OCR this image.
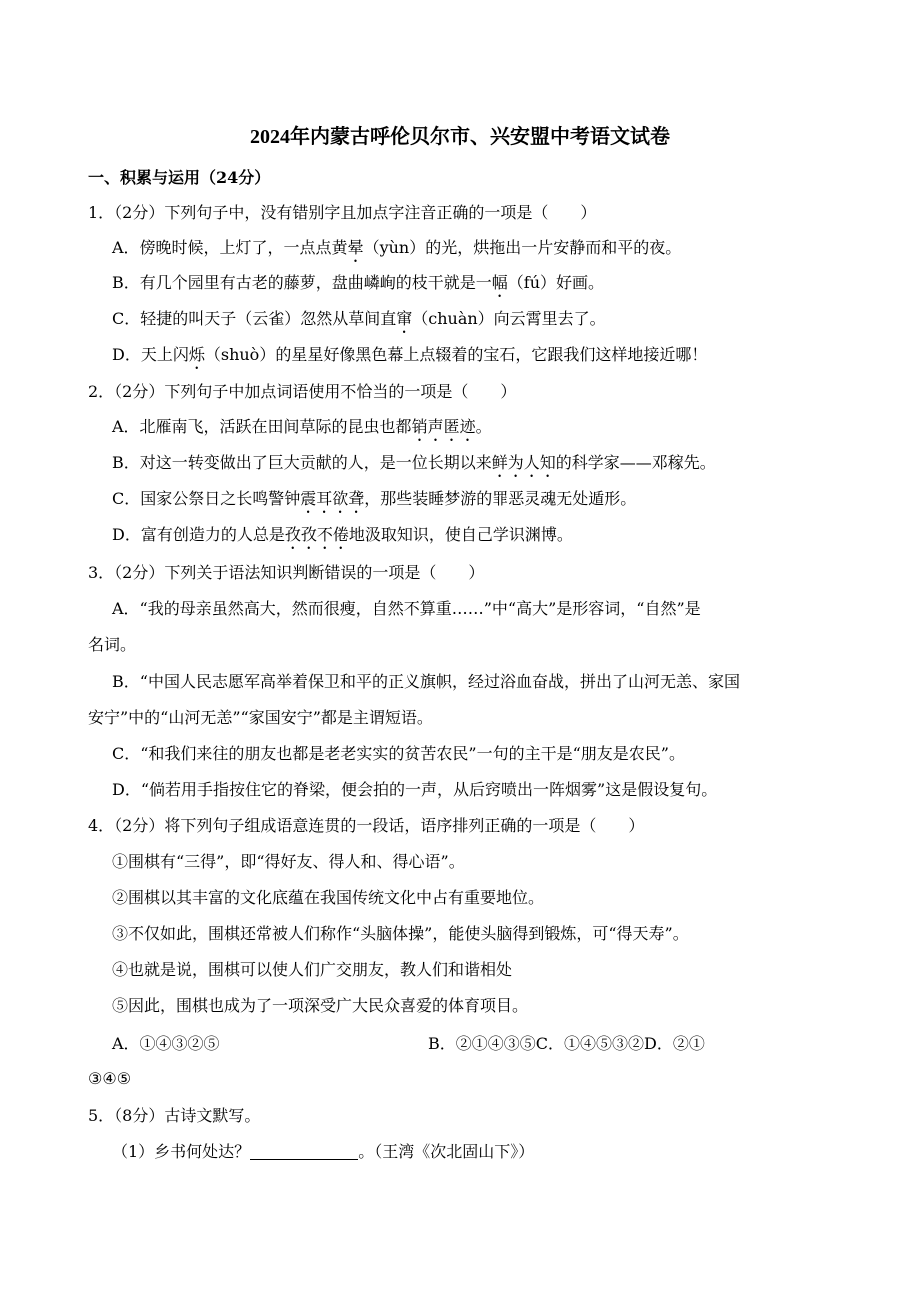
2024年内蒙古呼伦贝尔市、兴安盟中考语文试卷
一、积累与运用（24分）
1．（2分）下列句子中，没有错别字且加点字注音正确的一项是（　　）
A．傍晚时候，上灯了，一点点黄晕（yùn）的光，烘拖出一片安静而和平的夜。
B．有几个园里有古老的藤萝，盘曲嶙峋的枝干就是一幅（fú）好画。
C．轻捷的叫天子（云雀）忽然从草间直窜（chuàn）向云霄里去了。
D．天上闪烁（shuò）的星星好像黑色幕上点辍着的宝石，它跟我们这样地接近哪！
2．（2分）下列句子中加点词语使用不恰当的一项是（　　）
A．北雁南飞，活跃在田间草际的昆虫也都销声匿迹。
B．对这一转变做出了巨大贡献的人，是一位长期以来鲜为人知的科学家——邓稼先。
C．国家公祭日之长鸣警钟震耳欲聋，那些装睡梦游的罪恶灵魂无处遁形。
D．富有创造力的人总是孜孜不倦地汲取知识，使自己学识渊博。
3．（2分）下列关于语法知识判断错误的一项是（　　）
A．“我的母亲虽然高大，然而很瘦，自然不算重……”中“高大”是形容词，“自然”是
名词。
B．“中国人民志愿军高举着保卫和平的正义旗帜，经过浴血奋战，拼出了山河无恙、家国
安宁”中的“山河无恙”“家国安宁”都是主谓短语。
C．“和我们来往的朋友也都是老老实实的贫苦农民”一句的主干是“朋友是农民”。
D．“倘若用手指按住它的脊梁，便会拍的一声，从后窍喷出一阵烟雾”这是假设复句。
4．（2分）将下列句子组成语意连贯的一段话，语序排列正确的一项是（　　）
①围棋有“三得”，即“得好友、得人和、得心语”。
②围棋以其丰富的文化底蕴在我国传统文化中占有重要地位。
③不仅如此，围棋还常被人们称作“头脑体操”，能使头脑得到锻炼，可“得天寿”。
④也就是说，围棋可以使人们广交朋友，教人们和谐相处
⑤因此，围棋也成为了一项深受广大民众喜爱的体育项目。
A．①④③②⑤	B．②①④③⑤C．①④⑤③②D．②①
③④⑤
5．（8分）古诗文默写。
（1）乡书何处达？	。（王湾《次北固山下》）
